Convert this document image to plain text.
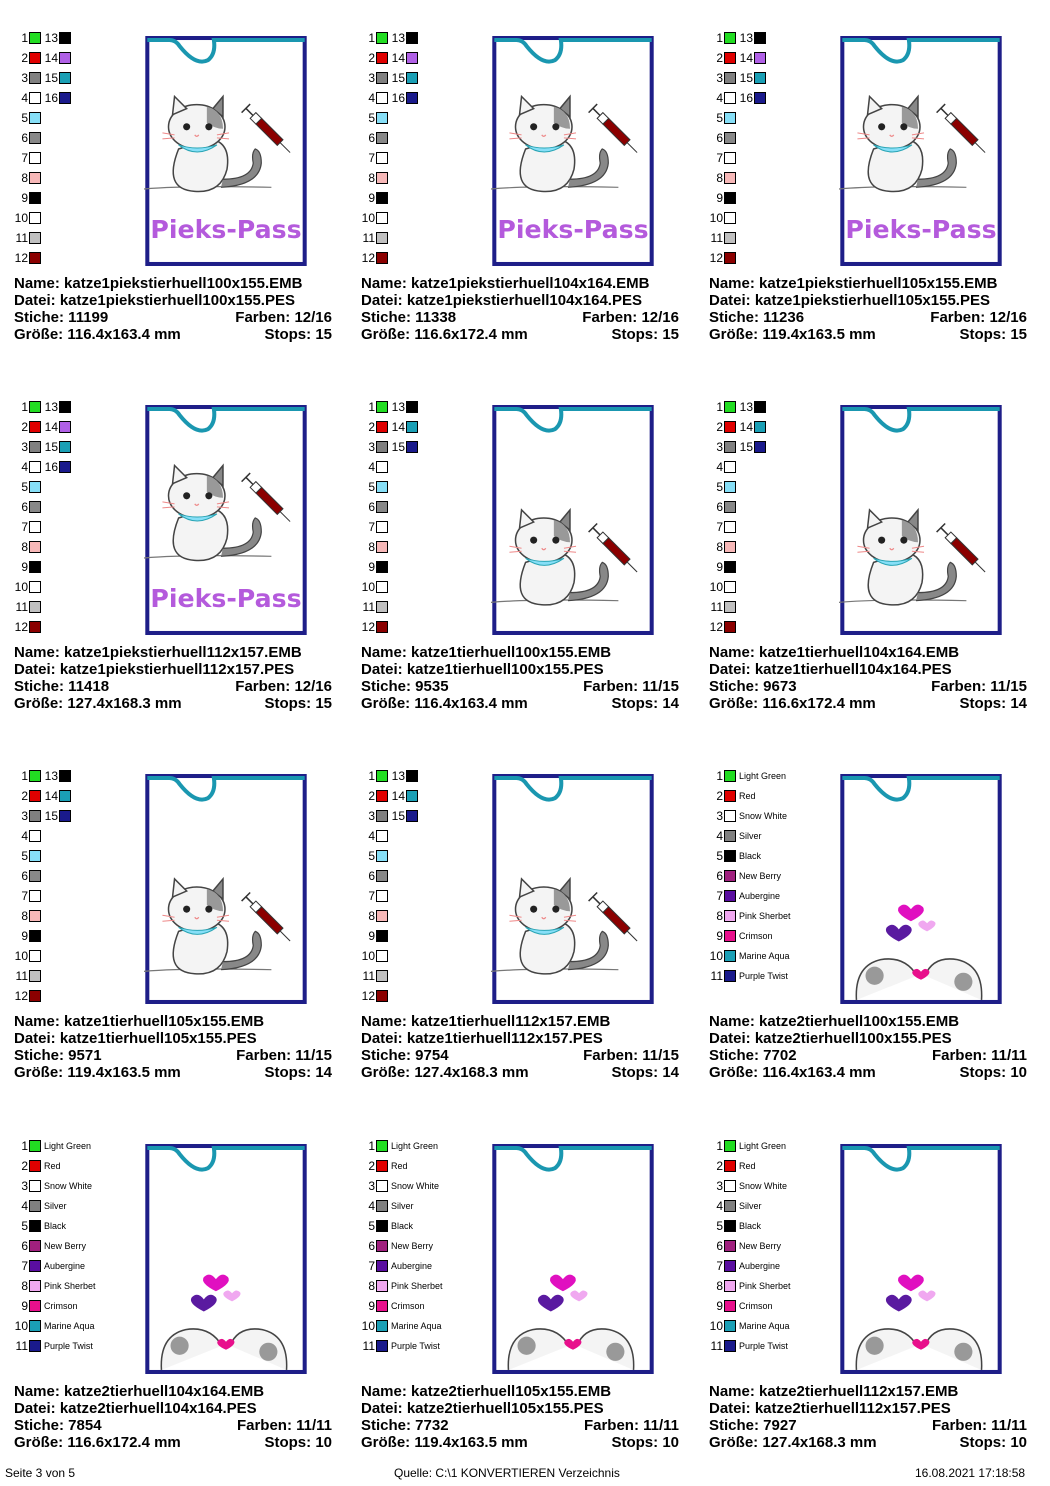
1 13
2 14
3 15
4 16
5
6
7
8
9
10
11
12
Pieks-Pass
Name: katze1piekstierhuell100x155.EMB
Datei: katze1piekstierhuell100x155.PES
Stiche: 11199	Farben: 12/16
Größe: 116.4x163.4 mm	Stops: 15
1 13
2 14
3 15
4 16
5
6
7
8
9
10
11
12
Pieks-Pass
Name: katze1piekstierhuell104x164.EMB
Datei: katze1piekstierhuell104x164.PES
Stiche: 11338	Farben: 12/16
Größe: 116.6x172.4 mm	Stops: 15
1 13
2 14
3 15
4 16
5
6
7
8
9
10
11
12
Pieks-Pass
Name: katze1piekstierhuell105x155.EMB
Datei: katze1piekstierhuell105x155.PES
Stiche: 11236	Farben: 12/16
Größe: 119.4x163.5 mm	Stops: 15
1 13
2 14
3 15
4 16
5
6
7
8
9
10
11
12
Pieks-Pass
Name: katze1piekstierhuell112x157.EMB
Datei: katze1piekstierhuell112x157.PES
Stiche: 11418	Farben: 12/16
Größe: 127.4x168.3 mm	Stops: 15
1 13
2 14
3 15
4
5
6
7
8
9
10
11
12
Name: katze1tierhuell100x155.EMB
Datei: katze1tierhuell100x155.PES
Stiche: 9535	Farben: 11/15
Größe: 116.4x163.4 mm	Stops: 14
1 13
2 14
3 15
4
5
6
7
8
9
10
11
12
Name: katze1tierhuell104x164.EMB
Datei: katze1tierhuell104x164.PES
Stiche: 9673	Farben: 11/15
Größe: 116.6x172.4 mm	Stops: 14
1 13
2 14
3 15
4
5
6
7
8
9
10
11
12
Name: katze1tierhuell105x155.EMB
Datei: katze1tierhuell105x155.PES
Stiche: 9571	Farben: 11/15
Größe: 119.4x163.5 mm	Stops: 14
1 13
2 14
3 15
4
5
6
7
8
9
10
11
12
Name: katze1tierhuell112x157.EMB
Datei: katze1tierhuell112x157.PES
Stiche: 9754	Farben: 11/15
Größe: 127.4x168.3 mm	Stops: 14
1 Light Green
2 Red
3 Snow White
4 Silver
5 Black
6 New Berry
7 Aubergine
8 Pink Sherbet
9 Crimson
10 Marine Aqua
11 Purple Twist
Name: katze2tierhuell100x155.EMB
Datei: katze2tierhuell100x155.PES
Stiche: 7702	Farben: 11/11
Größe: 116.4x163.4 mm	Stops: 10
1 Light Green
2 Red
3 Snow White
4 Silver
5 Black
6 New Berry
7 Aubergine
8 Pink Sherbet
9 Crimson
10 Marine Aqua
11 Purple Twist
Name: katze2tierhuell104x164.EMB
Datei: katze2tierhuell104x164.PES
Stiche: 7854	Farben: 11/11
Größe: 116.6x172.4 mm	Stops: 10
1 Light Green
2 Red
3 Snow White
4 Silver
5 Black
6 New Berry
7 Aubergine
8 Pink Sherbet
9 Crimson
10 Marine Aqua
11 Purple Twist
Name: katze2tierhuell105x155.EMB
Datei: katze2tierhuell105x155.PES
Stiche: 7732	Farben: 11/11
Größe: 119.4x163.5 mm	Stops: 10
1 Light Green
2 Red
3 Snow White
4 Silver
5 Black
6 New Berry
7 Aubergine
8 Pink Sherbet
9 Crimson
10 Marine Aqua
11 Purple Twist
Name: katze2tierhuell112x157.EMB
Datei: katze2tierhuell112x157.PES
Stiche: 7927	Farben: 11/11
Größe: 127.4x168.3 mm	Stops: 10
Seite 3 von 5	Quelle: C:\1 KONVERTIEREN Verzeichnis	16.08.2021 17:18:58
